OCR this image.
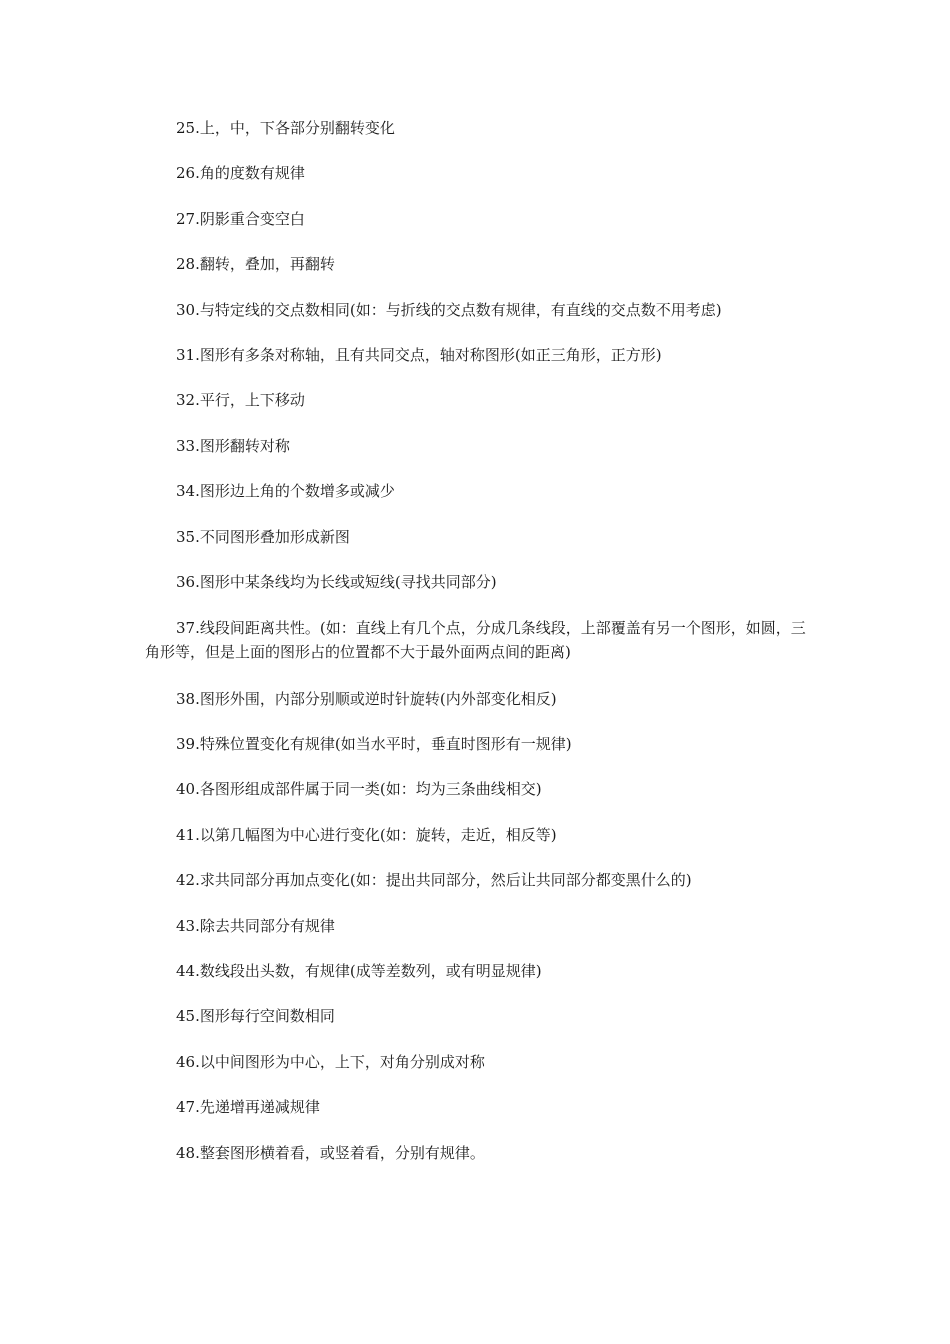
25.上，中，下各部分别翻转变化

26.角的度数有规律

27.阴影重合变空白

28.翻转，叠加，再翻转

30.与特定线的交点数相同(如：与折线的交点数有规律，有直线的交点数不用考虑)

31.图形有多条对称轴，且有共同交点，轴对称图形(如正三角形，正方形)

32.平行，上下移动

33.图形翻转对称

34.图形边上角的个数增多或减少

35.不同图形叠加形成新图

36.图形中某条线均为长线或短线(寻找共同部分)

37.线段间距离共性。(如：直线上有几个点，分成几条线段，上部覆盖有另一个图形，如圆，三角形等，但是上面的图形占的位置都不大于最外面两点间的距离)

38.图形外围，内部分别顺或逆时针旋转(内外部变化相反)

39.特殊位置变化有规律(如当水平时，垂直时图形有一规律)

40.各图形组成部件属于同一类(如：均为三条曲线相交)

41.以第几幅图为中心进行变化(如：旋转，走近，相反等)

42.求共同部分再加点变化(如：提出共同部分，然后让共同部分都变黑什么的)

43.除去共同部分有规律

44.数线段出头数，有规律(成等差数列，或有明显规律)

45.图形每行空间数相同

46.以中间图形为中心，上下，对角分别成对称

47.先递增再递减规律

48.整套图形横着看，或竖着看，分别有规律。
